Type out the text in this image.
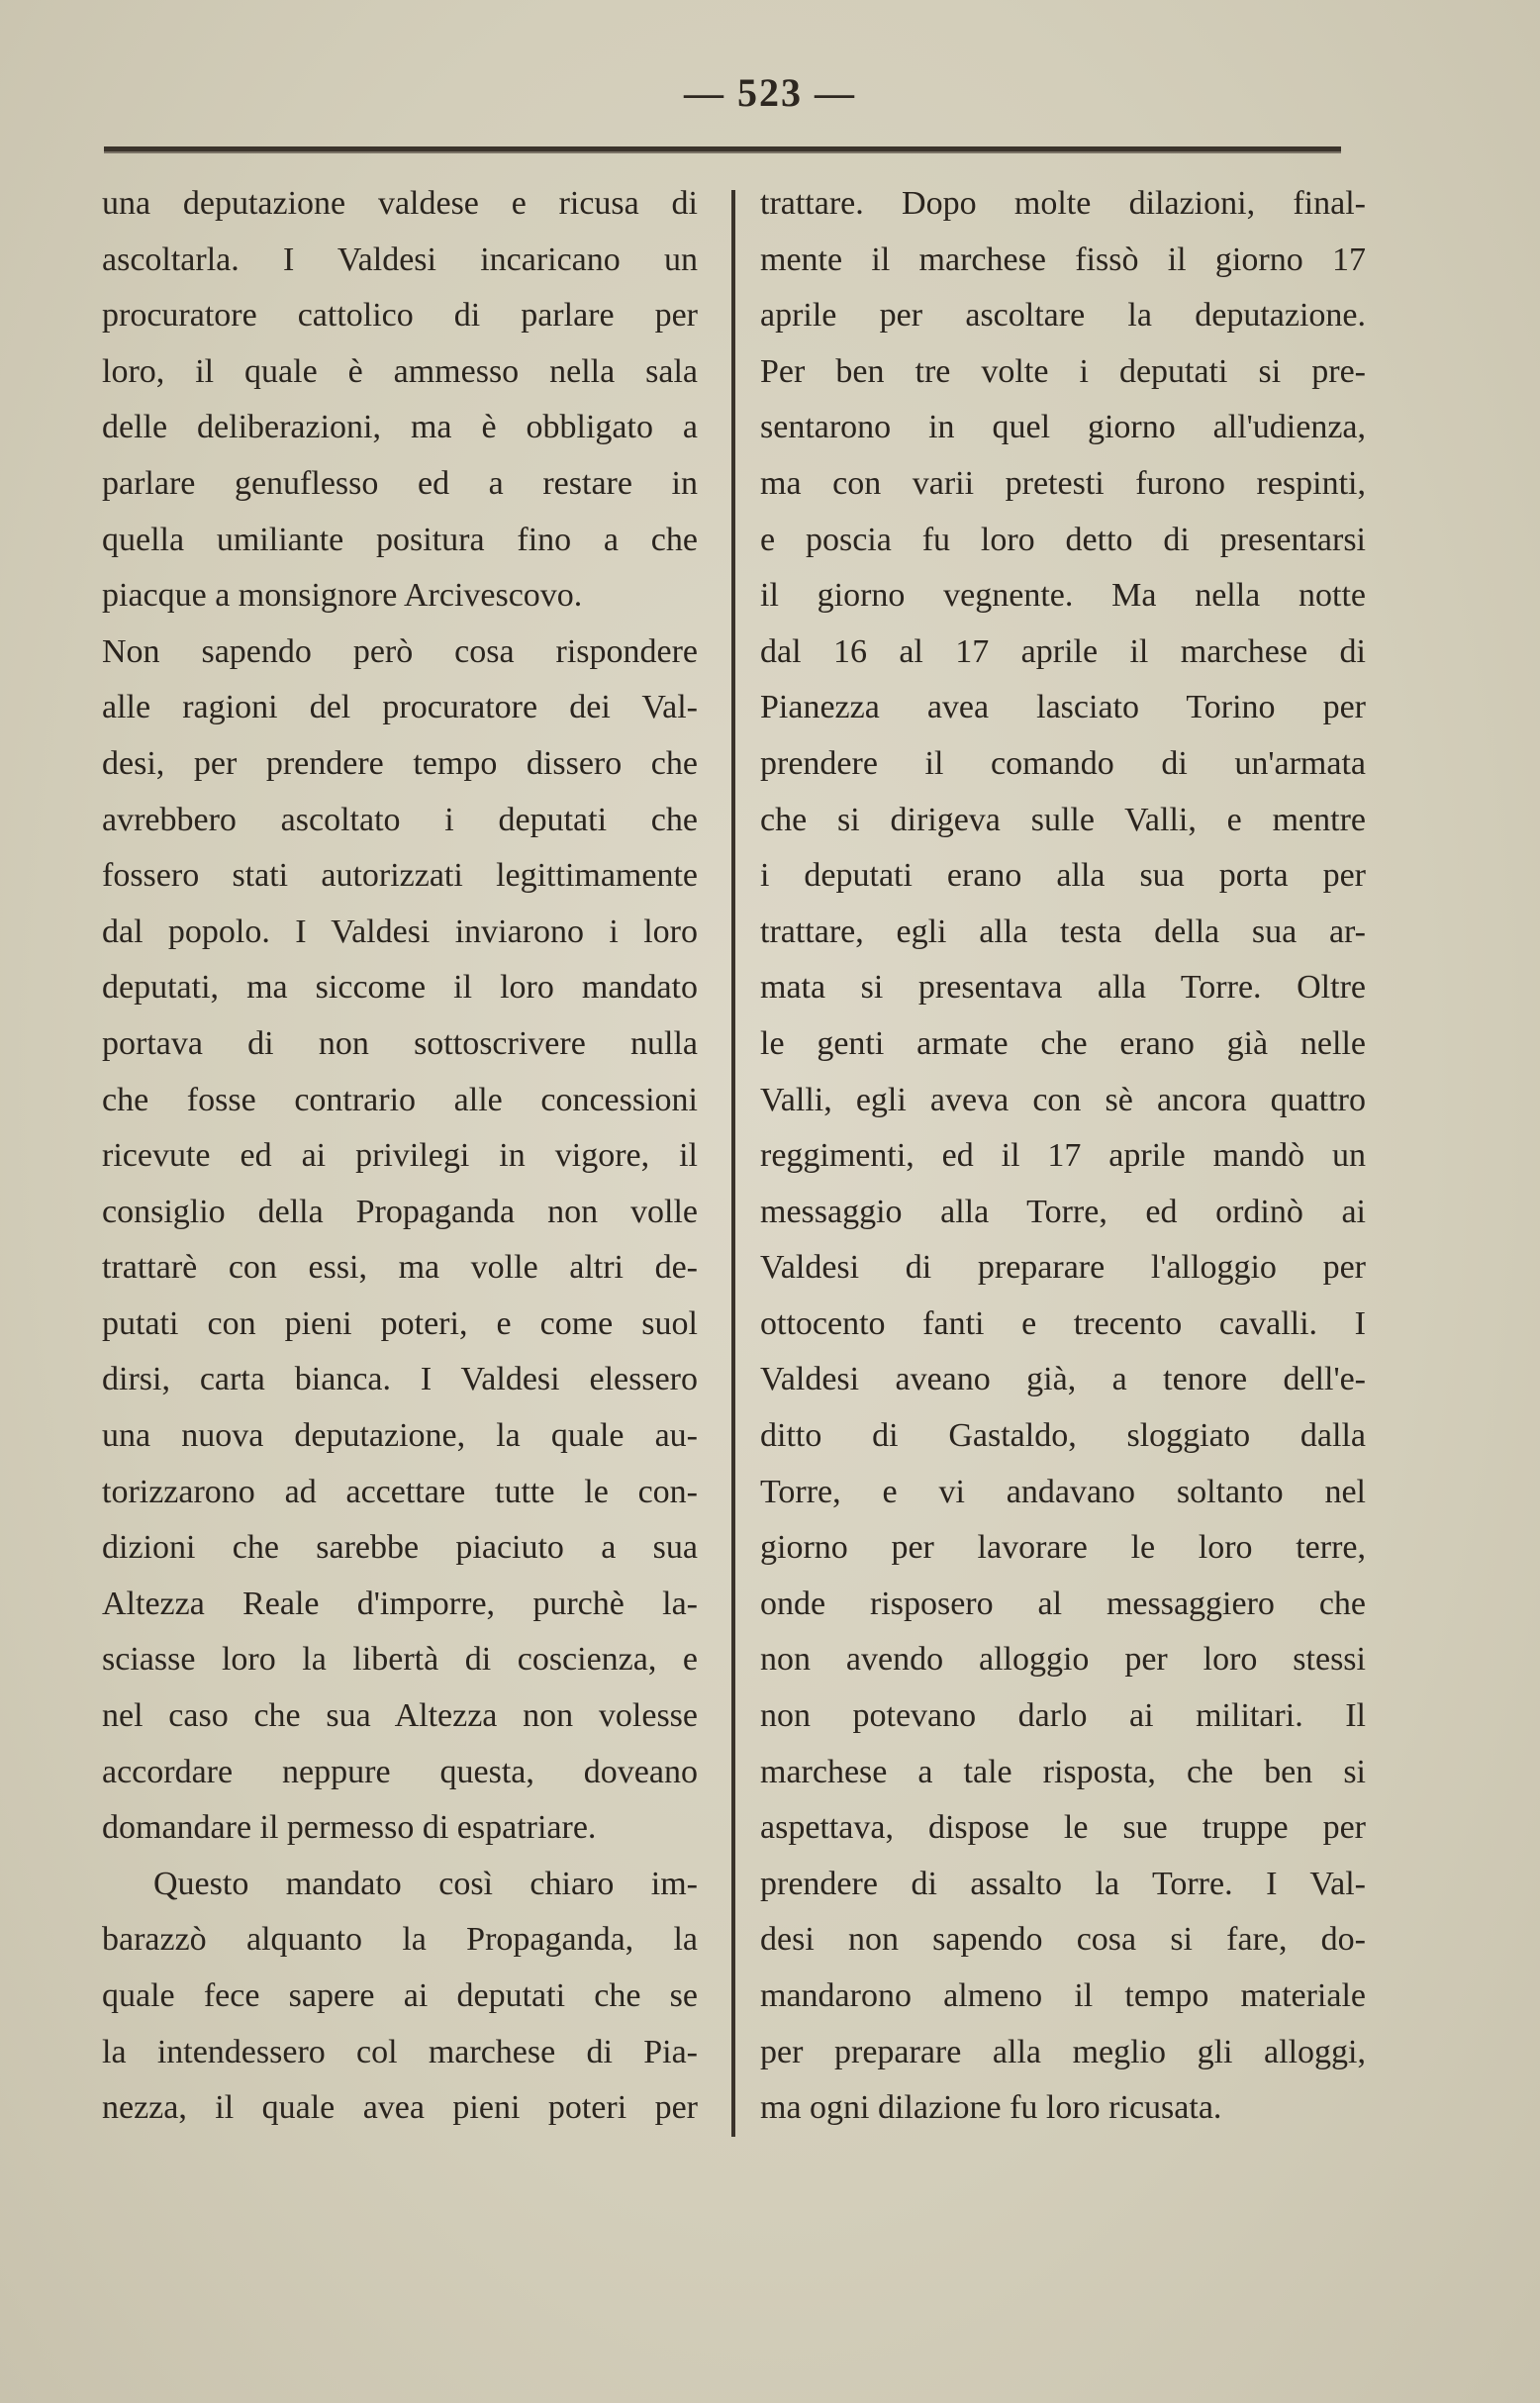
— 523 —
una deputazione valdese e ricusa di
ascoltarla. I Valdesi incaricano un
procuratore cattolico di parlare per
loro, il quale è ammesso nella sala
delle deliberazioni, ma è obbligato a
parlare genuflesso ed a restare in
quella umiliante positura fino a che
piacque a monsignore Arcivescovo.
Non sapendo però cosa rispondere
alle ragioni del procuratore dei Val-
desi, per prendere tempo dissero che
avrebbero ascoltato i deputati che
fossero stati autorizzati legittimamente
dal popolo. I Valdesi inviarono i loro
deputati, ma siccome il loro mandato
portava di non sottoscrivere nulla
che fosse contrario alle concessioni
ricevute ed ai privilegi in vigore, il
consiglio della Propaganda non volle
trattarè con essi, ma volle altri de-
putati con pieni poteri, e come suol
dirsi, carta bianca. I Valdesi elessero
una nuova deputazione, la quale au-
torizzarono ad accettare tutte le con-
dizioni che sarebbe piaciuto a sua
Altezza Reale d'imporre, purchè la-
sciasse loro la libertà di coscienza, e
nel caso che sua Altezza non volesse
accordare neppure questa, doveano
domandare il permesso di espatriare.
Questo mandato così chiaro im-
barazzò alquanto la Propaganda, la
quale fece sapere ai deputati che se
la intendessero col marchese di Pia-
nezza, il quale avea pieni poteri per
trattare. Dopo molte dilazioni, final-
mente il marchese fissò il giorno 17
aprile per ascoltare la deputazione.
Per ben tre volte i deputati si pre-
sentarono in quel giorno all'udienza,
ma con varii pretesti furono respinti,
e poscia fu loro detto di presentarsi
il giorno vegnente. Ma nella notte
dal 16 al 17 aprile il marchese di
Pianezza avea lasciato Torino per
prendere il comando di un'armata
che si dirigeva sulle Valli, e mentre
i deputati erano alla sua porta per
trattare, egli alla testa della sua ar-
mata si presentava alla Torre. Oltre
le genti armate che erano già nelle
Valli, egli aveva con sè ancora quattro
reggimenti, ed il 17 aprile mandò un
messaggio alla Torre, ed ordinò ai
Valdesi di preparare l'alloggio per
ottocento fanti e trecento cavalli. I
Valdesi aveano già, a tenore dell'e-
ditto di Gastaldo, sloggiato dalla
Torre, e vi andavano soltanto nel
giorno per lavorare le loro terre,
onde risposero al messaggiero che
non avendo alloggio per loro stessi
non potevano darlo ai militari. Il
marchese a tale risposta, che ben si
aspettava, dispose le sue truppe per
prendere di assalto la Torre. I Val-
desi non sapendo cosa si fare, do-
mandarono almeno il tempo materiale
per preparare alla meglio gli alloggi,
ma ogni dilazione fu loro ricusata.
